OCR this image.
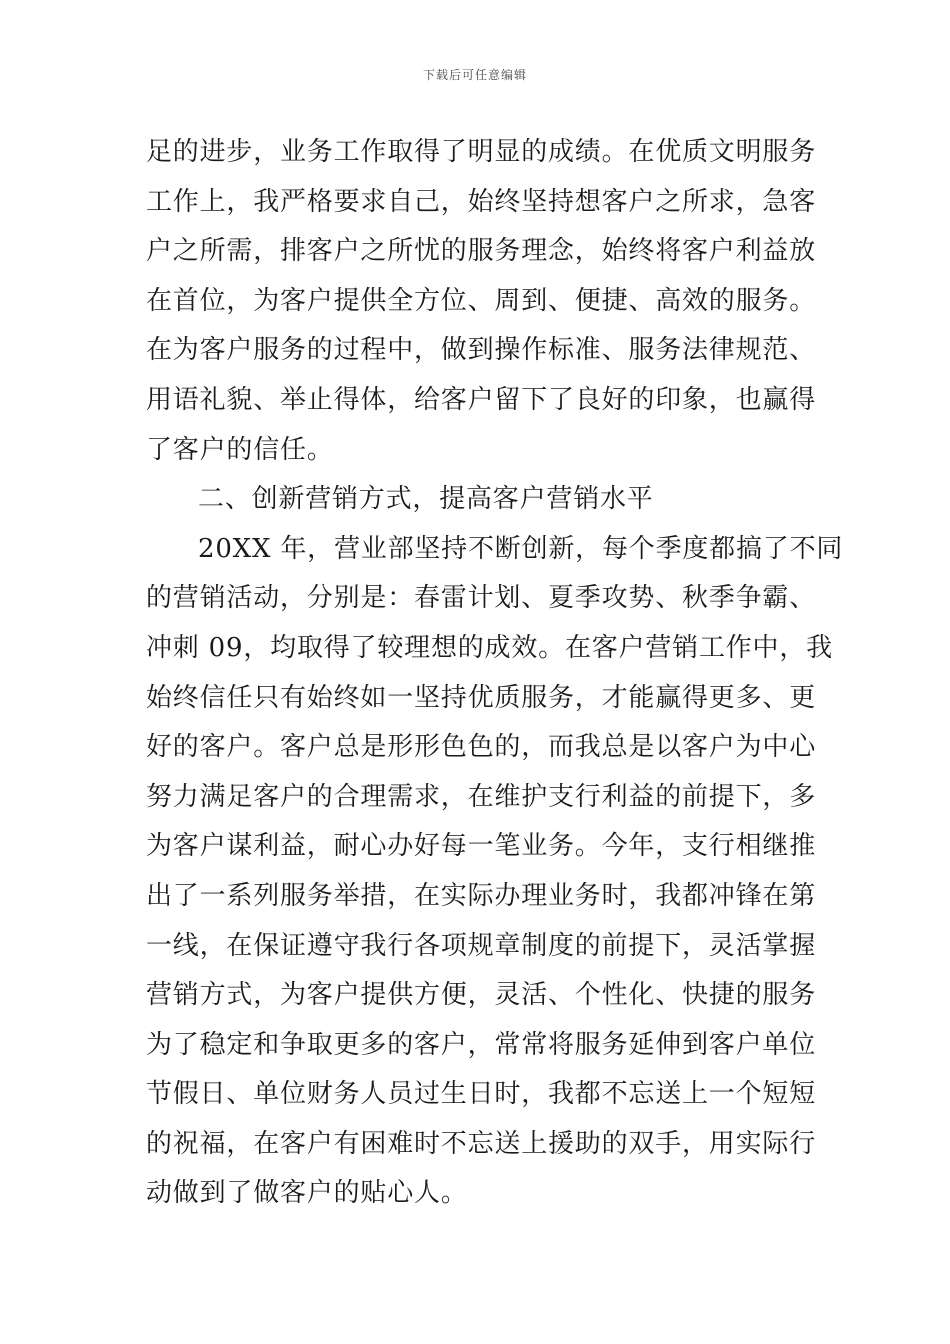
下载后可任意编辑
足的进步，业务工作取得了明显的成绩。在优质文明服务
工作上，我严格要求自己，始终坚持想客户之所求，急客
户之所需，排客户之所忧的服务理念，始终将客户利益放
在首位，为客户提供全方位、周到、便捷、高效的服务。
在为客户服务的过程中，做到操作标准、服务法律规范、
用语礼貌、举止得体，给客户留下了良好的印象，也赢得
了客户的信任。
二、创新营销方式，提高客户营销水平
20XX 年，营业部坚持不断创新，每个季度都搞了不同
的营销活动，分别是：春雷计划、夏季攻势、秋季争霸、
冲刺 09，均取得了较理想的成效。在客户营销工作中，我
始终信任只有始终如一坚持优质服务，才能赢得更多、更
好的客户。客户总是形形色色的，而我总是以客户为中心
努力满足客户的合理需求，在维护支行利益的前提下，多
为客户谋利益，耐心办好每一笔业务。今年，支行相继推
出了一系列服务举措，在实际办理业务时，我都冲锋在第
一线，在保证遵守我行各项规章制度的前提下，灵活掌握
营销方式，为客户提供方便，灵活、个性化、快捷的服务
为了稳定和争取更多的客户，常常将服务延伸到客户单位
节假日、单位财务人员过生日时，我都不忘送上一个短短
的祝福，在客户有困难时不忘送上援助的双手，用实际行
动做到了做客户的贴心人。
